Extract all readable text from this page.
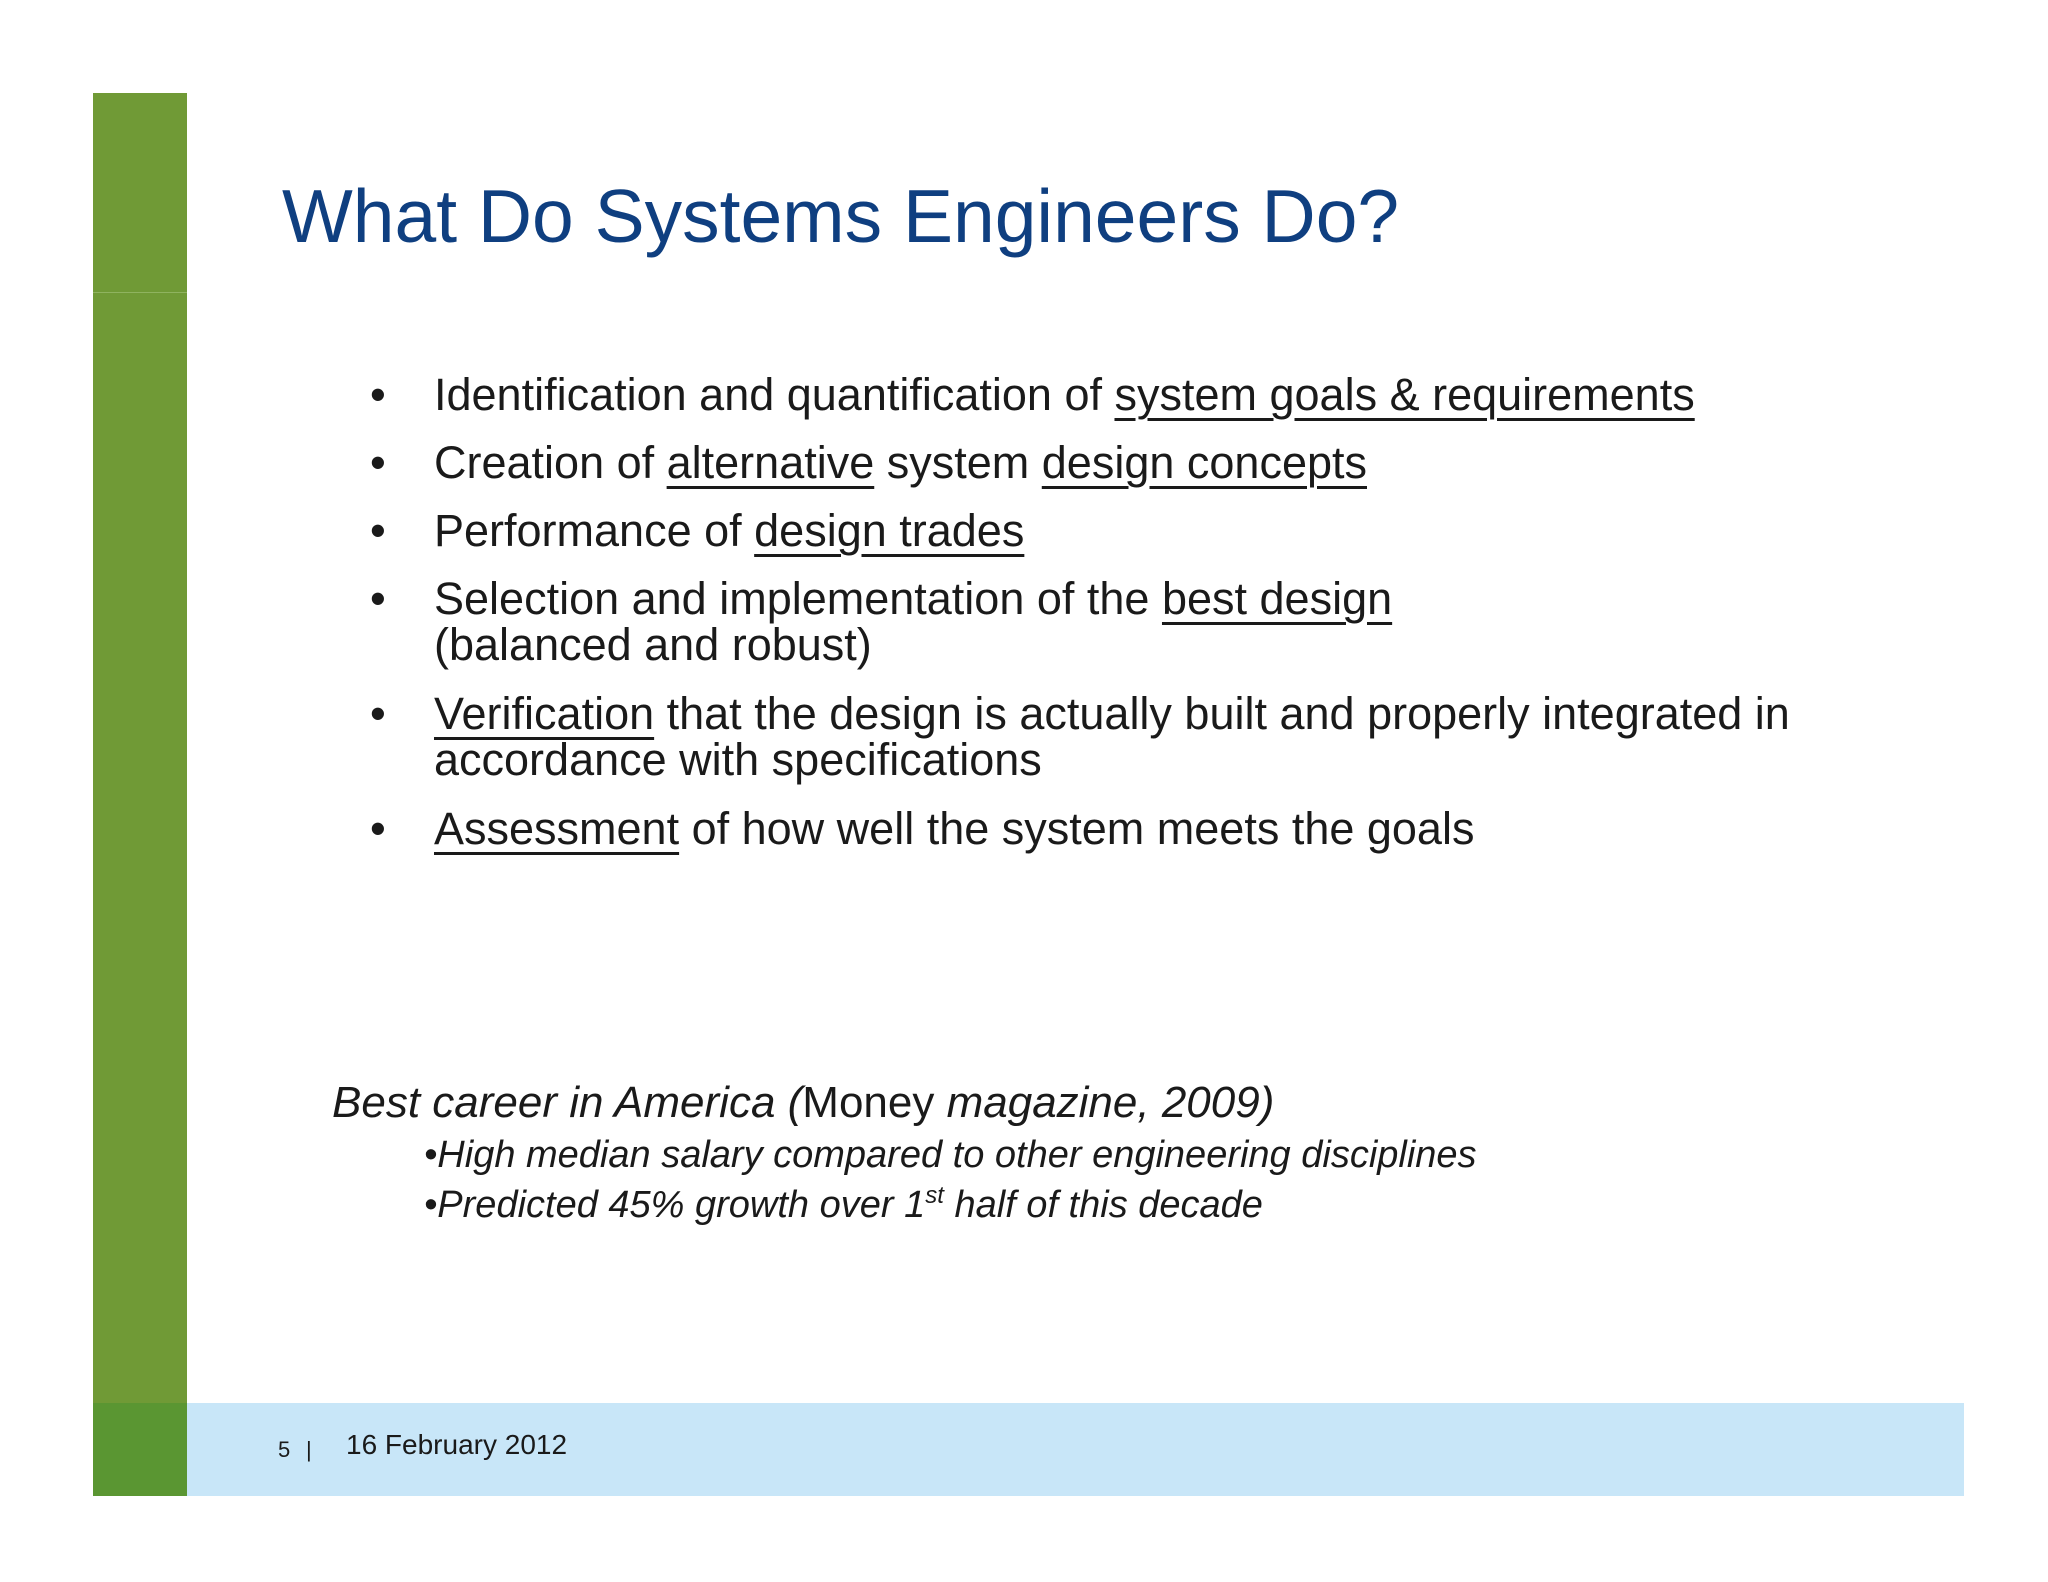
What Do Systems Engineers Do?
• Identification and quantification of system goals & requirements
• Creation of alternative system design concepts
• Performance of design trades
• Selection and implementation of the best design
(balanced and robust)
• Verification that the design is actually built and properly integrated in
accordance with specifications
• Assessment of how well the system meets the goals
Best career in America (Money magazine, 2009)
•High median salary compared to other engineering disciplines
•Predicted 45% growth over 1st half of this decade
5 | 16 February 2012
